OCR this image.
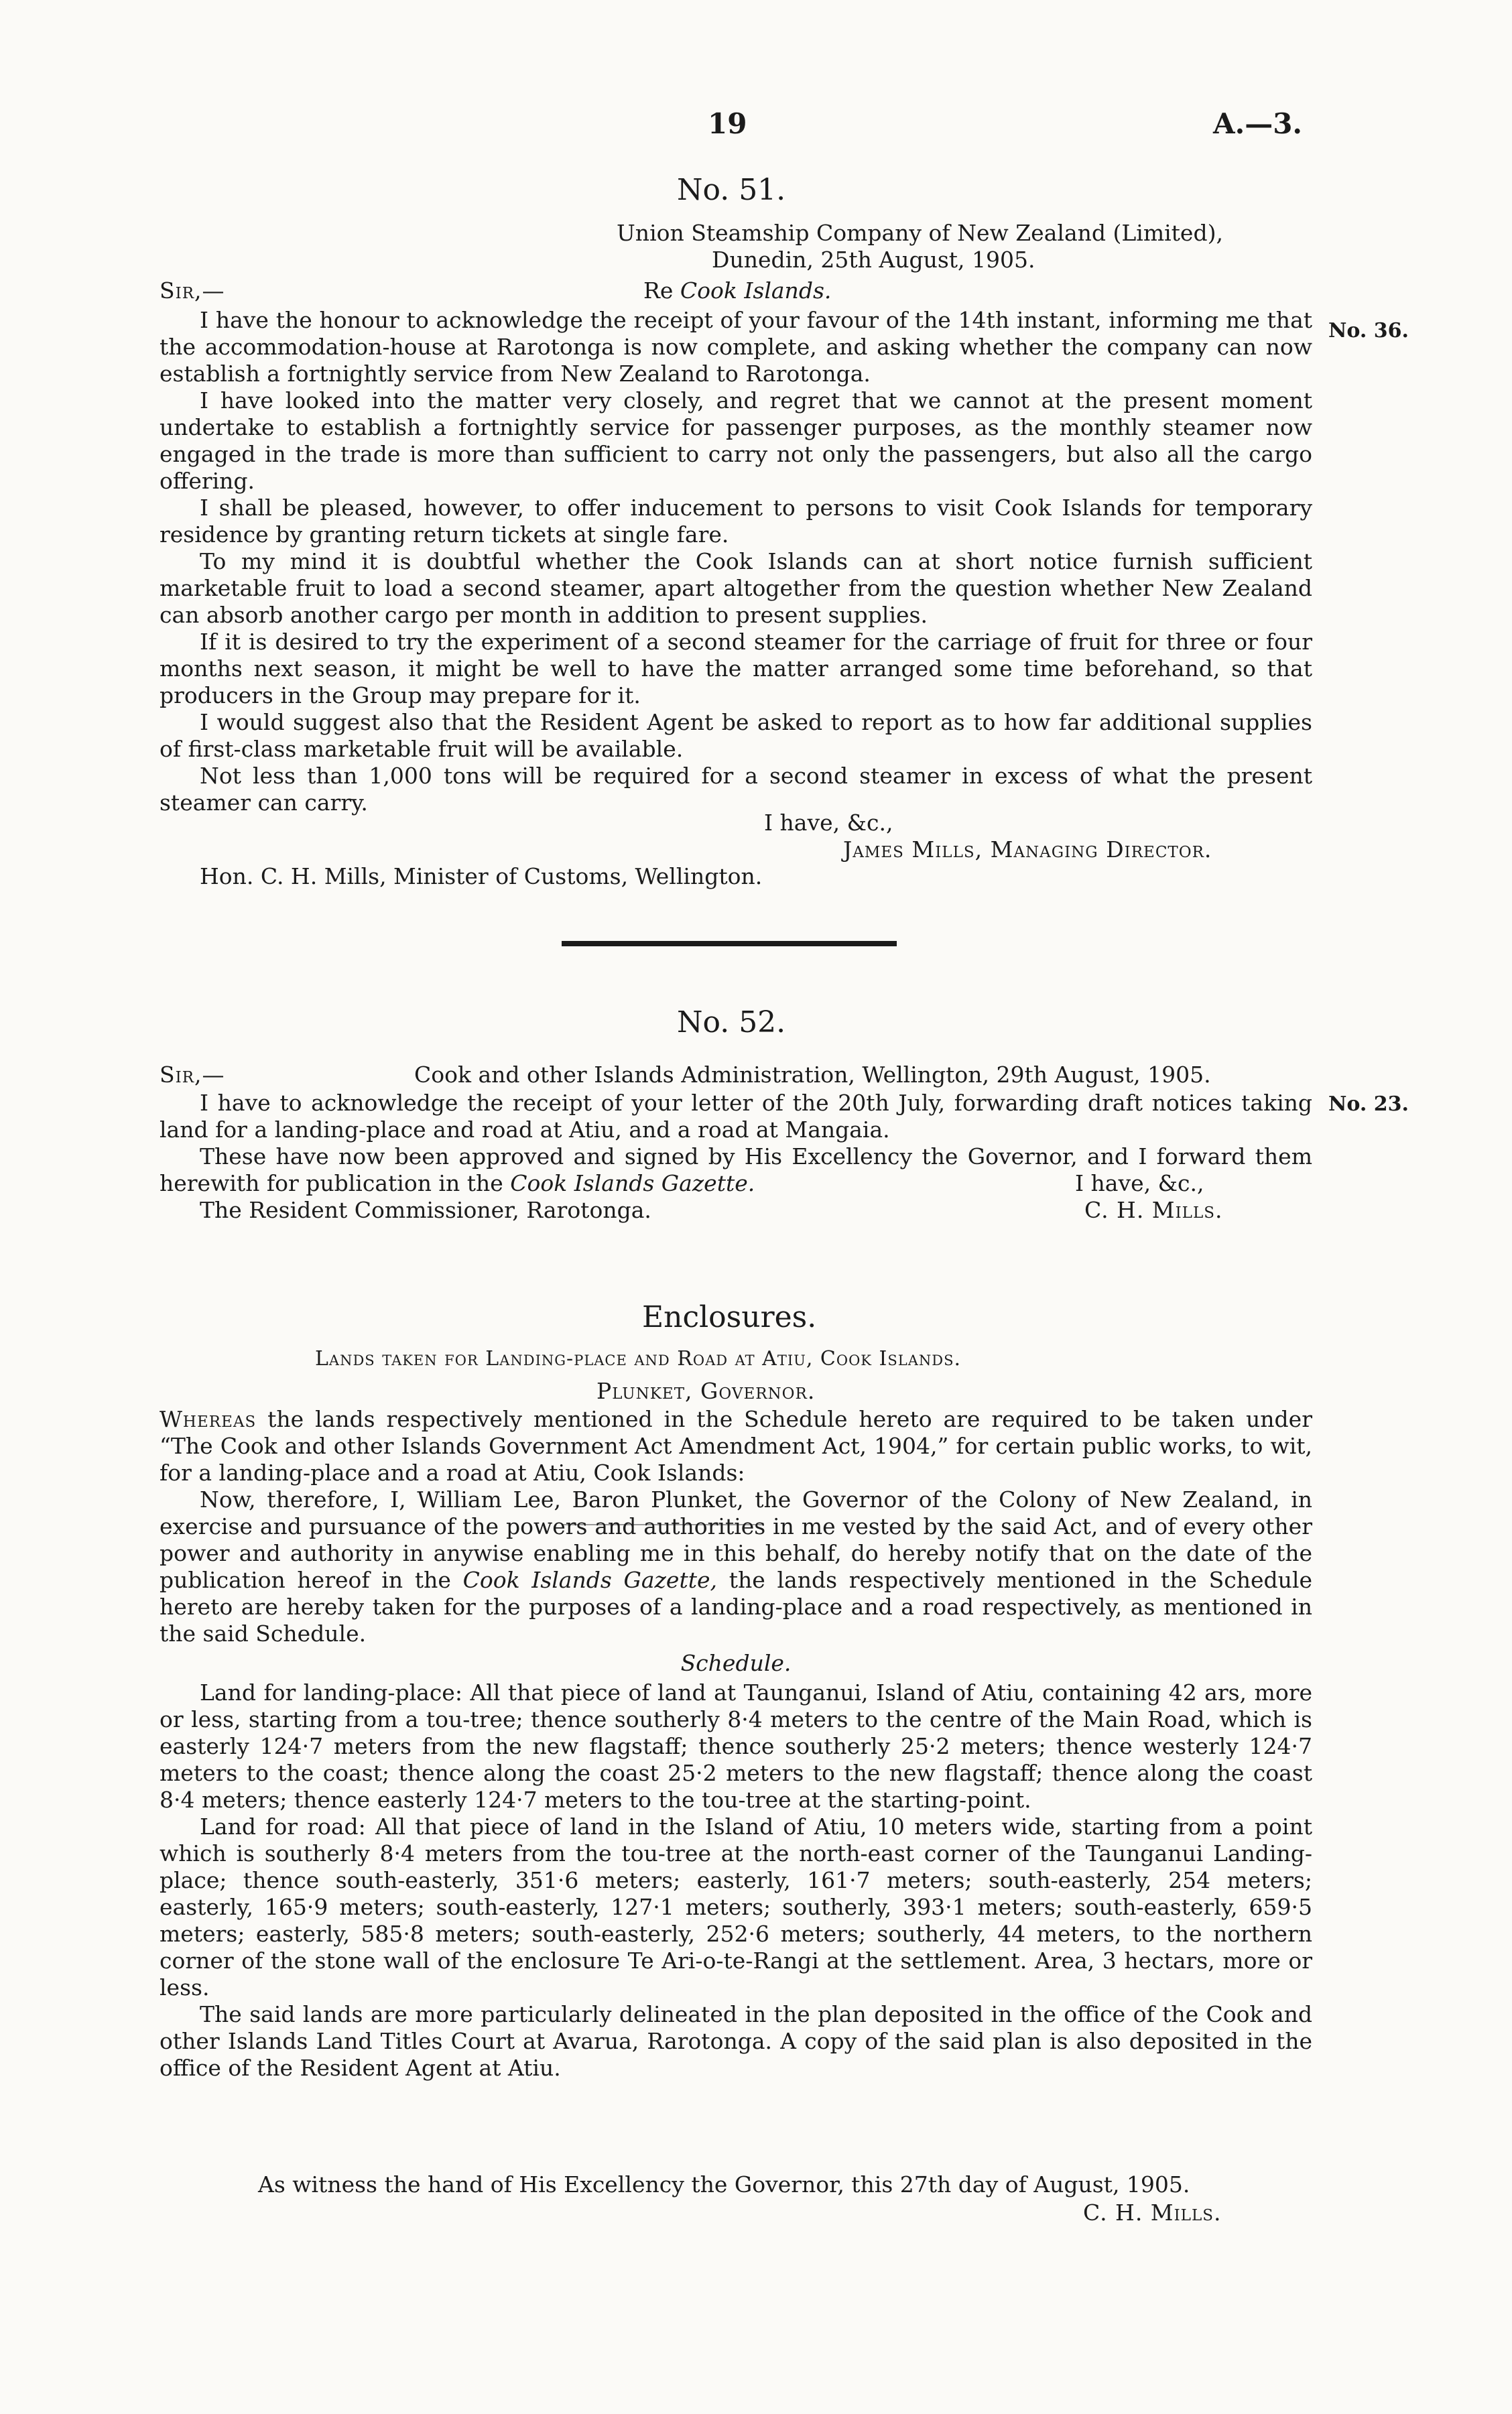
19	A.—3.
No. 51.
Union Steamship Company of New Zealand (Limited),
Dunedin, 25th August, 1905.
Sir,—	Re Cook Islands.
No. 36.

I have the honour to acknowledge the receipt of your favour of the 14th instant, informing me that the accommodation-house at Rarotonga is now complete, and asking whether the company can now establish a fortnightly service from New Zealand to Rarotonga.

I have looked into the matter very closely, and regret that we cannot at the present moment undertake to establish a fortnightly service for passenger purposes, as the monthly steamer now engaged in the trade is more than sufficient to carry not only the passengers, but also all the cargo offering.

I shall be pleased, however, to offer inducement to persons to visit Cook Islands for temporary residence by granting return tickets at single fare.

To my mind it is doubtful whether the Cook Islands can at short notice furnish sufficient marketable fruit to load a second steamer, apart altogether from the question whether New Zealand can absorb another cargo per month in addition to present supplies.

If it is desired to try the experiment of a second steamer for the carriage of fruit for three or four months next season, it might be well to have the matter arranged some time beforehand, so that producers in the Group may prepare for it.

I would suggest also that the Resident Agent be asked to report as to how far additional supplies of first-class marketable fruit will be available.

Not less than 1,000 tons will be required for a second steamer in excess of what the present steamer can carry.

I have, &c.,
James Mills, Managing Director.
Hon. C. H. Mills, Minister of Customs, Wellington.
No. 52.
Sir,—	Cook and other Islands Administration, Wellington, 29th August, 1905.
No. 23.

I have to acknowledge the receipt of your letter of the 20th July, forwarding draft notices taking land for a landing-place and road at Atiu, and a road at Mangaia.

These have now been approved and signed by His Excellency the Governor, and I forward them herewith for publication in the Cook Islands Gazette.	I have, &c.,
The Resident Commissioner, Rarotonga.	C. H. Mills.
Enclosures.
Lands taken for Landing-place and Road at Atiu, Cook Islands.
Plunket, Governor.

Whereas the lands respectively mentioned in the Schedule hereto are required to be taken under “The Cook and other Islands Government Act Amendment Act, 1904,” for certain public works, to wit, for a landing-place and a road at Atiu, Cook Islands:

Now, therefore, I, William Lee, Baron Plunket, the Governor of the Colony of New Zealand, in exercise and pursuance of the powers and authorities in me vested by the said Act, and of every other power and authority in anywise enabling me in this behalf, do hereby notify that on the date of the publication hereof in the Cook Islands Gazette, the lands respectively mentioned in the Schedule hereto are hereby taken for the purposes of a landing-place and a road respectively, as mentioned in the said Schedule.

Schedule.

Land for landing-place: All that piece of land at Taunganui, Island of Atiu, containing 42 ars, more or less, starting from a tou-tree; thence southerly 8·4 meters to the centre of the Main Road, which is easterly 124·7 meters from the new flagstaff; thence southerly 25·2 meters; thence westerly 124·7 meters to the coast; thence along the coast 25·2 meters to the new flagstaff; thence along the coast 8·4 meters; thence easterly 124·7 meters to the tou-tree at the starting-point.

Land for road: All that piece of land in the Island of Atiu, 10 meters wide, starting from a point which is southerly 8·4 meters from the tou-tree at the north-east corner of the Taunganui Landing-place; thence south-easterly, 351·6 meters; easterly, 161·7 meters; south-easterly, 254 meters; easterly, 165·9 meters; south-easterly, 127·1 meters; southerly, 393·1 meters; south-easterly, 659·5 meters; easterly, 585·8 meters; south-easterly, 252·6 meters; southerly, 44 meters, to the northern corner of the stone wall of the enclosure Te Ari-o-te-Rangi at the settlement. Area, 3 hectars, more or less.

The said lands are more particularly delineated in the plan deposited in the office of the Cook and other Islands Land Titles Court at Avarua, Rarotonga. A copy of the said plan is also deposited in the office of the Resident Agent at Atiu.

As witness the hand of His Excellency the Governor, this 27th day of August, 1905.
C. H. Mills.
